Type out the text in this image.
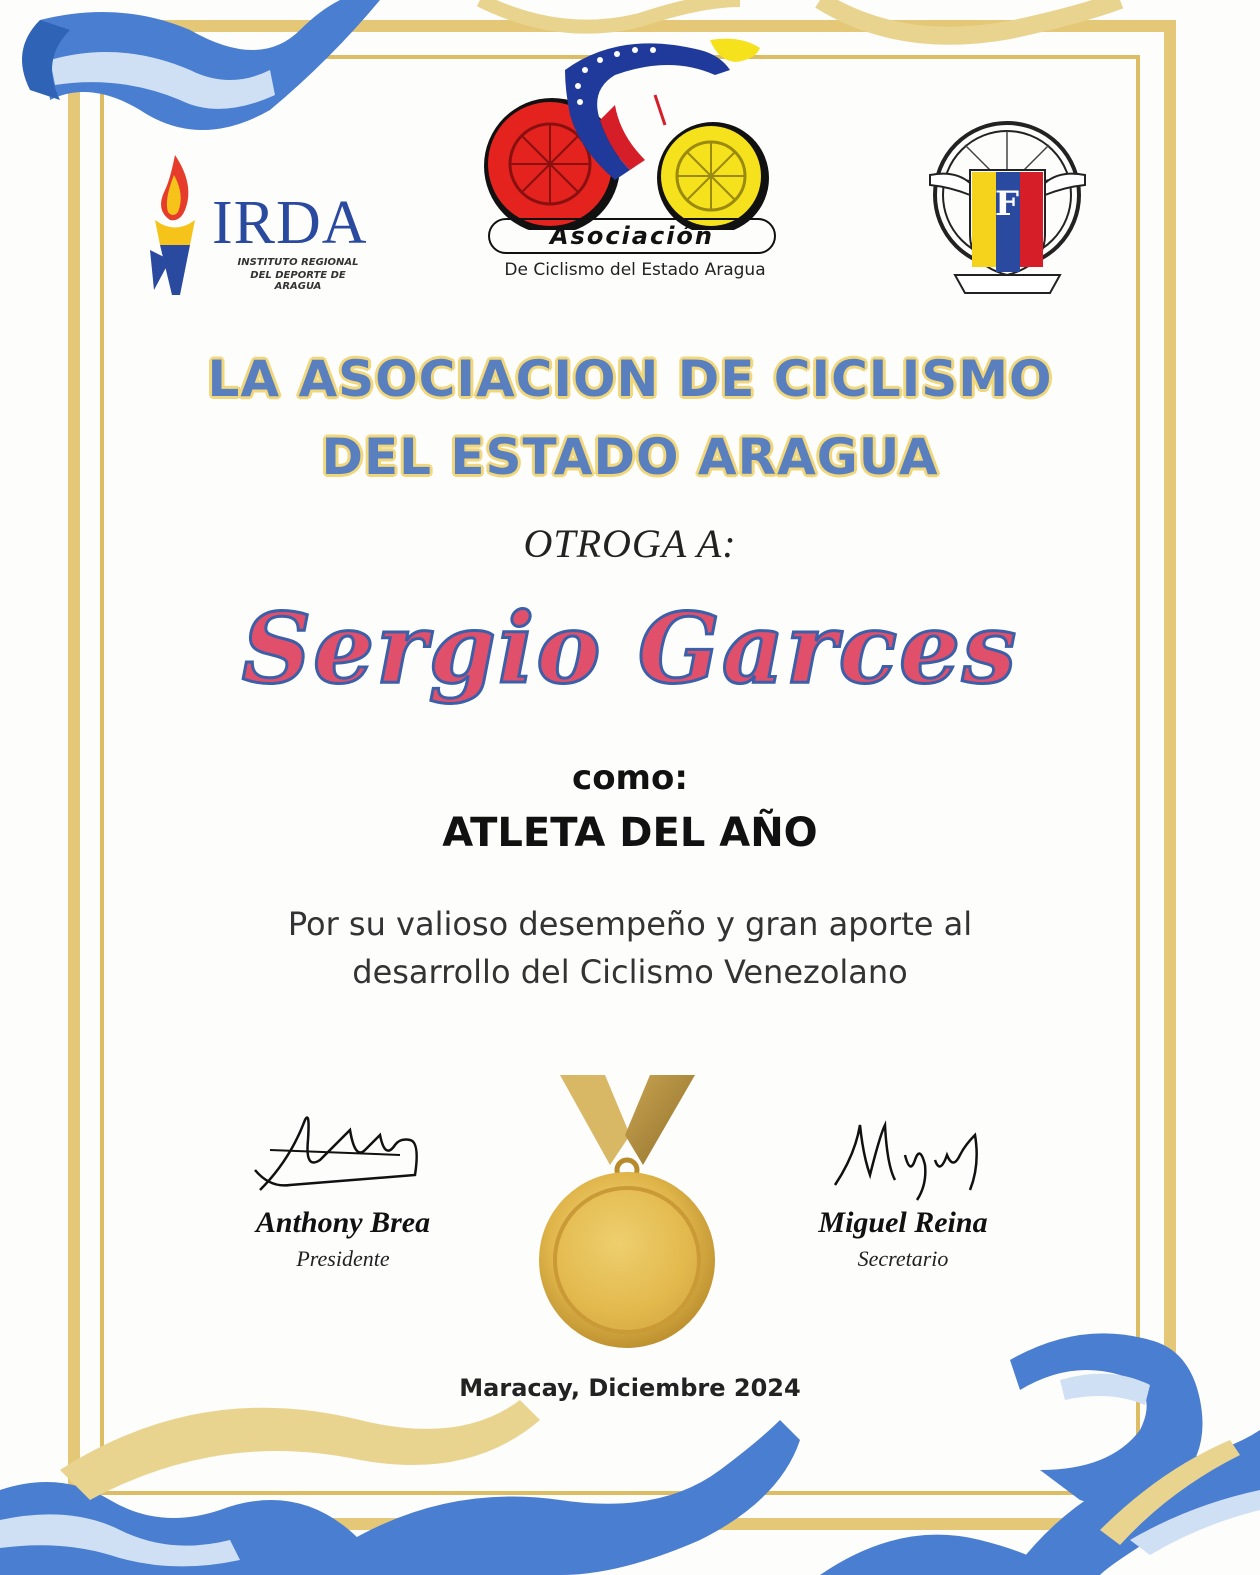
IRDA
INSTITUTO REGIONAL
DEL DEPORTE DE ARAGUA
Asociación
De Ciclismo del Estado Aragua
F
LA ASOCIACION DE CICLISMO
DEL ESTADO ARAGUA
OTROGA A:
Sergio Garces
como:
ATLETA DEL AÑO
Por su valioso desempeño y gran aporte al
desarrollo del Ciclismo Venezolano
Anthony Brea
Presidente
Miguel Reina
Secretario
Maracay, Diciembre 2024
